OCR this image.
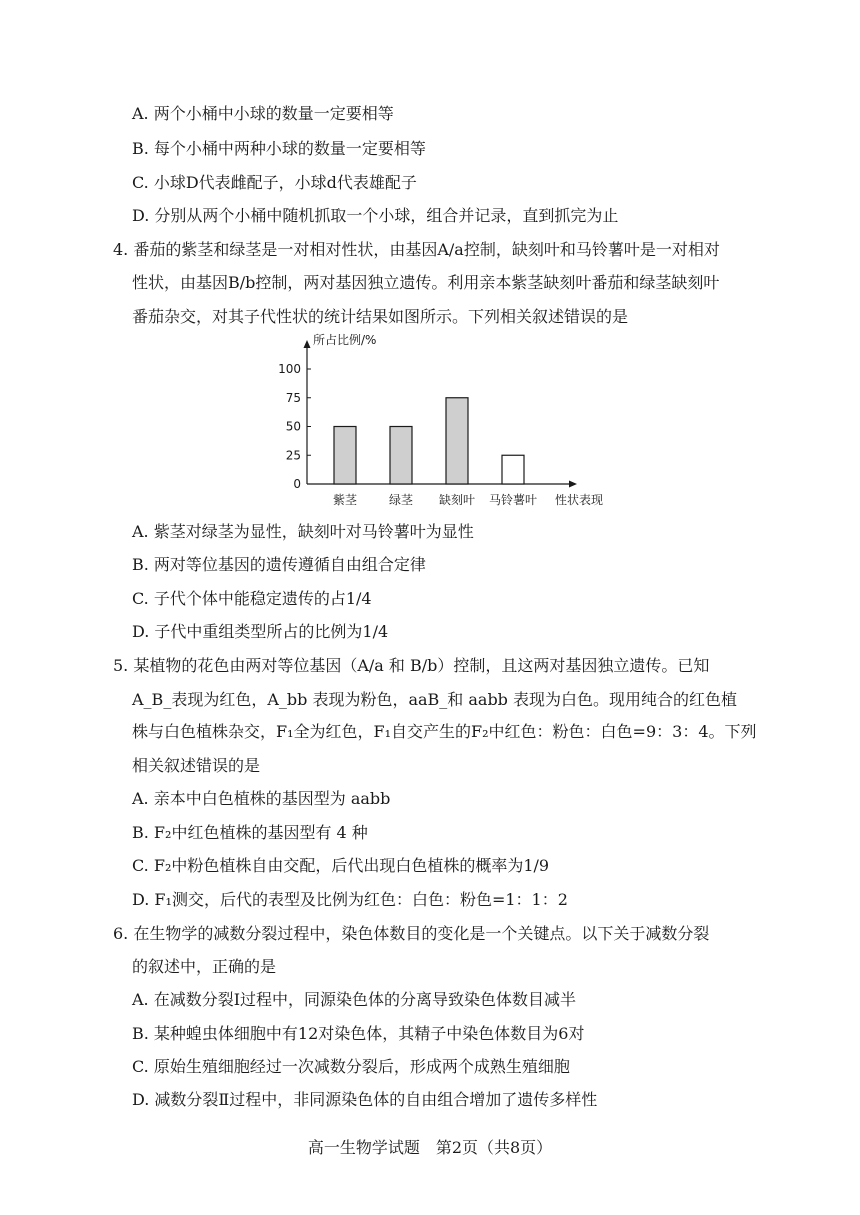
A. 两个小桶中小球的数量一定要相等
B. 每个小桶中两种小球的数量一定要相等
C. 小球D代表雌配子，小球d代表雄配子
D. 分别从两个小桶中随机抓取一个小球，组合并记录，直到抓完为止
4. 番茄的紫茎和绿茎是一对相对性状，由基因A/a控制，缺刻叶和马铃薯叶是一对相对
性状，由基因B/b控制，两对基因独立遗传。利用亲本紫茎缺刻叶番茄和绿茎缺刻叶
番茄杂交，对其子代性状的统计结果如图所示。下列相关叙述错误的是
所占比例/%
0
25
50
75
100
紫茎	绿茎 缺刻叶 马铃薯叶 性状表现
A. 紫茎对绿茎为显性，缺刻叶对马铃薯叶为显性
B. 两对等位基因的遗传遵循自由组合定律
C. 子代个体中能稳定遗传的占1/4
D. 子代中重组类型所占的比例为1/4
5. 某植物的花色由两对等位基因（A/a 和 B/b）控制，且这两对基因独立遗传。已知
A_B_表现为红色，A_bb 表现为粉色，aaB_和 aabb 表现为白色。现用纯合的红色植
株与白色植株杂交，F₁全为红色，F₁自交产生的F₂中红色：粉色：白色=9：3：4。下列
相关叙述错误的是
A. 亲本中白色植株的基因型为 aabb
B. F₂中红色植株的基因型有 4 种
C. F₂中粉色植株自由交配，后代出现白色植株的概率为1/9
D. F₁测交，后代的表型及比例为红色：白色：粉色=1：1：2
6. 在生物学的减数分裂过程中，染色体数目的变化是一个关键点。以下关于减数分裂
的叙述中，正确的是
A. 在减数分裂Ⅰ过程中，同源染色体的分离导致染色体数目减半
B. 某种蝗虫体细胞中有12对染色体，其精子中染色体数目为6对
C. 原始生殖细胞经过一次减数分裂后，形成两个成熟生殖细胞
D. 减数分裂Ⅱ过程中，非同源染色体的自由组合增加了遗传多样性
高一生物学试题　第2页（共8页）
